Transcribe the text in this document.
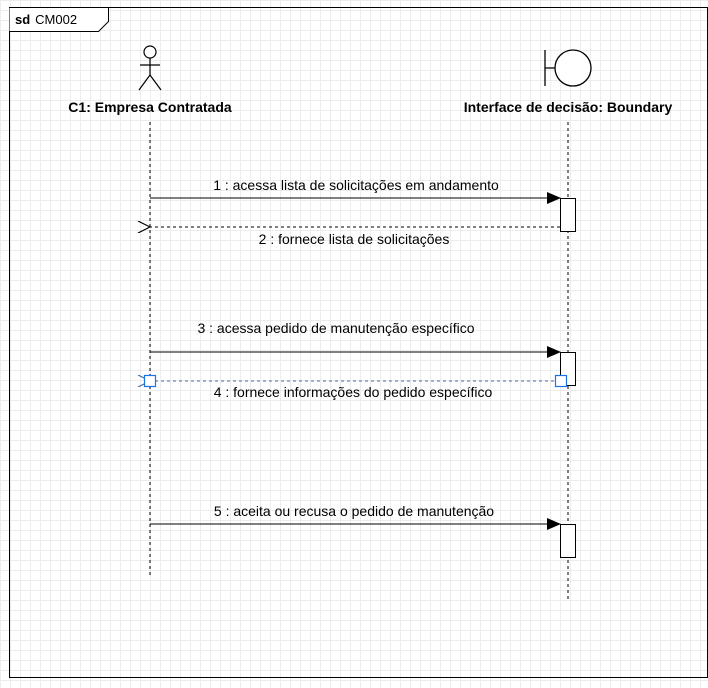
sd CM002
C1: Empresa Contratada	Interface de decisão: Boundary
1 : acessa lista de solicitações em andamento
2 : fornece lista de solicitações
3 : acessa pedido de manutenção específico
4 : fornece informações do pedido específico
5 : aceita ou recusa o pedido de manutenção
